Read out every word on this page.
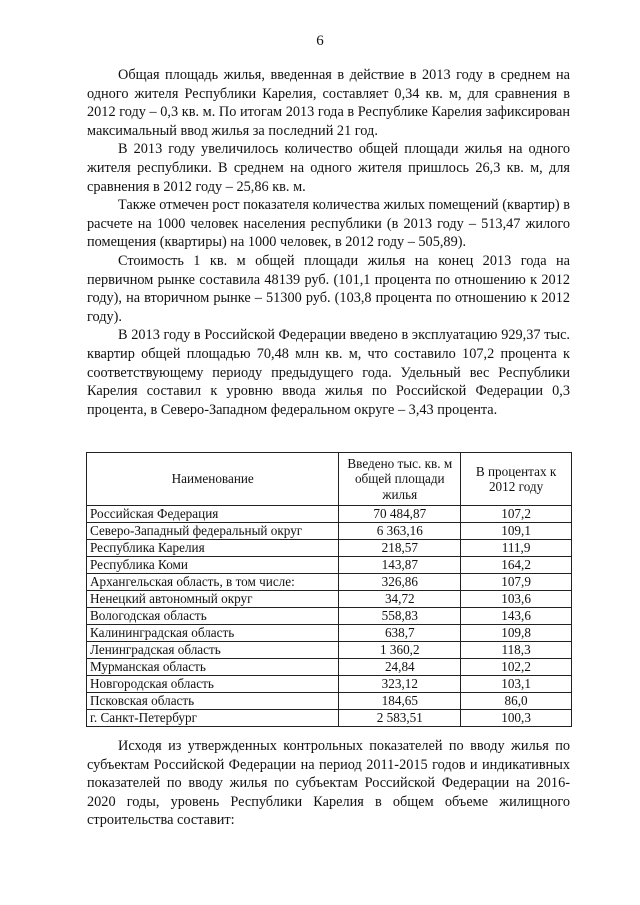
6

Общая площадь жилья, введенная в действие в 2013 году в среднем на одного жителя Республики Карелия, составляет 0,34 кв. м, для сравнения в 2012 году – 0,3 кв. м. По итогам 2013 года в Республике Карелия зафиксирован максимальный ввод жилья за последний 21 год.

В 2013 году увеличилось количество общей площади жилья на одного жителя республики. В среднем на одного жителя пришлось 26,3 кв. м, для сравнения в 2012 году – 25,86 кв. м.

Также отмечен рост показателя количества жилых помещений (квартир) в расчете на 1000 человек населения республики (в 2013 году – 513,47 жилого помещения (квартиры) на 1000 человек, в 2012 году – 505,89).

Стоимость 1 кв. м общей площади жилья на конец 2013 года на первичном рынке составила 48139 руб. (101,1 процента по отношению к 2012 году), на вторичном рынке – 51300 руб. (103,8 процента по отношению к 2012 году).

В 2013 году в Российской Федерации введено в эксплуатацию 929,37 тыс. квартир общей площадью 70,48 млн кв. м, что составило 107,2 процента к соответствующему периоду предыдущего года. Удельный вес Республики Карелия составил к уровню ввода жилья по Российской Федерации 0,3 процента, в Северо-Западном федеральном округе – 3,43 процента.

Наименование	Введено тыс. кв. м общей площади жилья	В процентах к 2012 году
Российская Федерация	70 484,87	107,2
Северо-Западный федеральный округ	6 363,16	109,1
Республика Карелия	218,57	111,9
Республика Коми	143,87	164,2
Архангельская область, в том числе:	326,86	107,9
Ненецкий автономный округ	34,72	103,6
Вологодская область	558,83	143,6
Калининградская область	638,7	109,8
Ленинградская область	1 360,2	118,3
Мурманская область	24,84	102,2
Новгородская область	323,12	103,1
Псковская область	184,65	86,0
г. Санкт-Петербург	2 583,51	100,3

Исходя из утвержденных контрольных показателей по вводу жилья по субъектам Российской Федерации на период 2011-2015 годов и индикативных показателей по вводу жилья по субъектам Российской Федерации на 2016-2020 годы, уровень Республики Карелия в общем объеме жилищного строительства составит:
